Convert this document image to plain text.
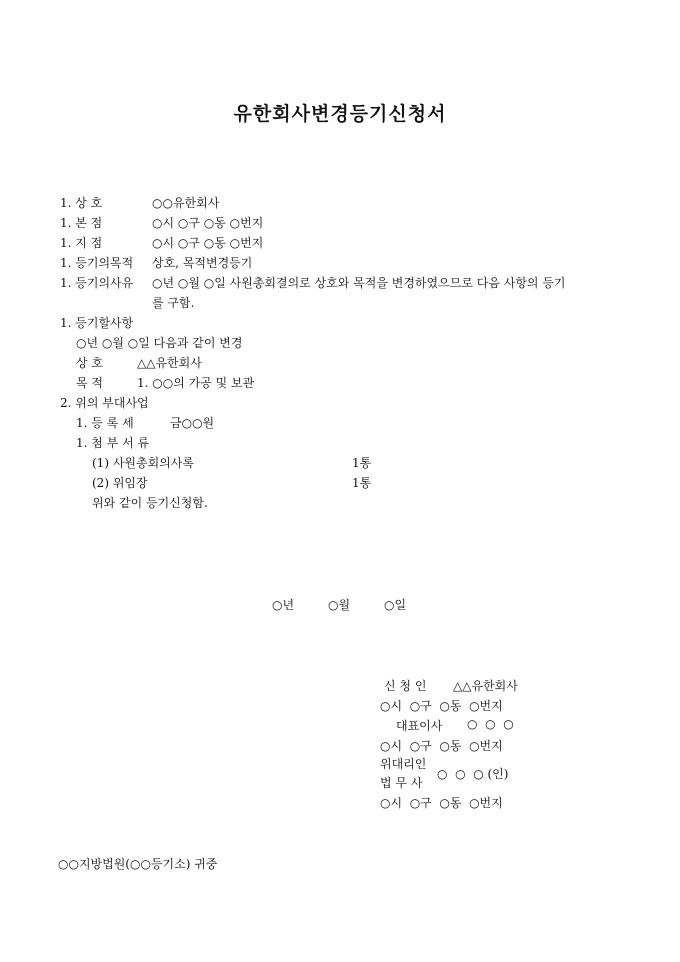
유한회사변경등기신청서
1. 상 호	○○유한회사
1. 본 점	○시 ○구 ○동 ○번지
1. 지 점	○시 ○구 ○동 ○번지
1. 등기의목적 상호, 목적변경등기
1. 등기의사유 ○년 ○월 ○일 사원총회결의로 상호와 목적을 변경하였으므로 다음 사항의 등기
를 구함.
1. 등기할사항
○년 ○월 ○일 다음과 같이 변경
상 호	△△유한회사
목 적	1. ○○의 가공 및 보관
2. 위의 부대사업
1. 등 록 세	금○○원
1. 첨 부 서 류
(1) 사원총회의사록	1통
(2) 위임장	1통
위와 같이 등기신청함.
○년	○월	○일
신 청 인 △△유한회사
○시  ○구  ○동  ○번지
대표이사 ○  ○  ○
○시  ○구  ○동  ○번지
위대리인
법 무 사
○  ○  ○ (인)
○시  ○구  ○동  ○번지
○○지방법원(○○등기소) 귀중
